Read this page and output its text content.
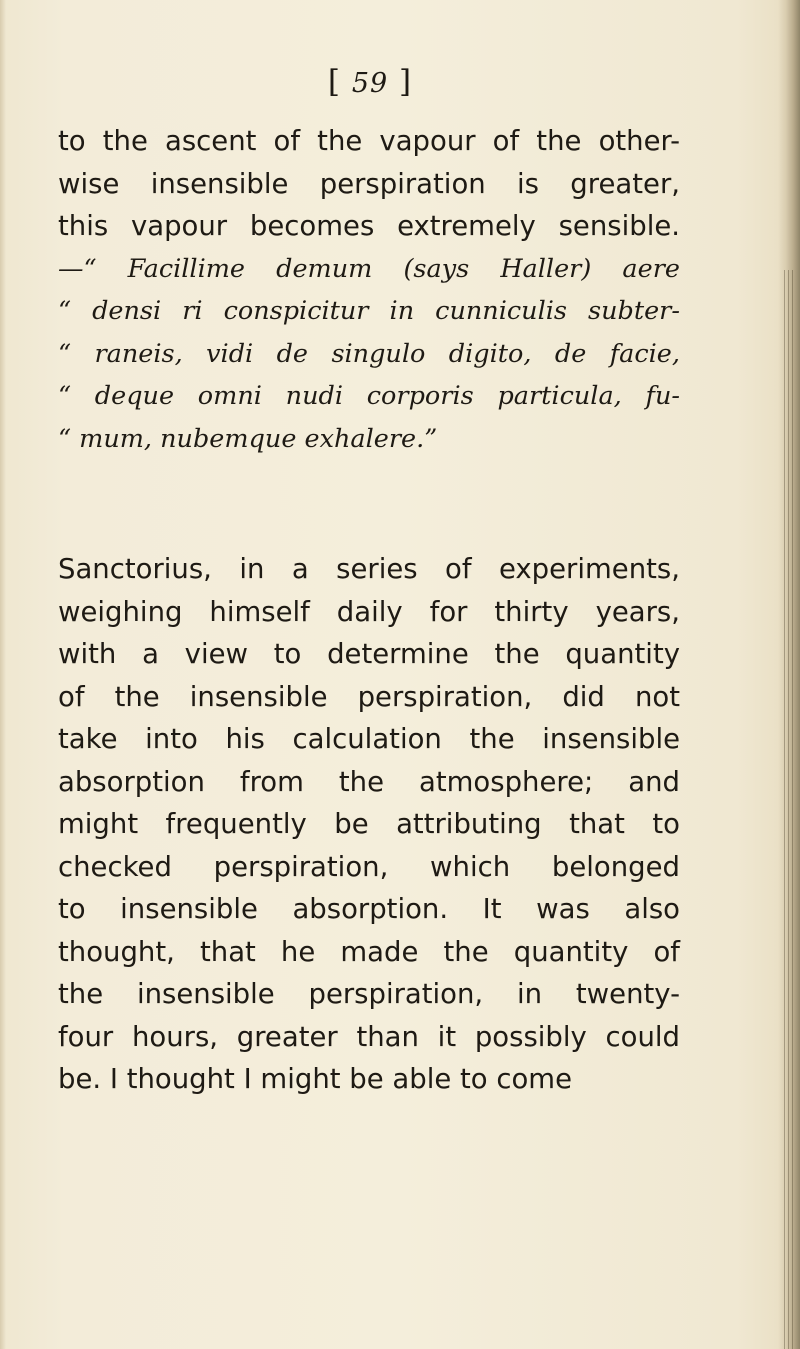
[ 59 ]
to the ascent of the vapour of the other-
wise insensible perspiration is greater,
this vapour becomes extremely sensible.
—“ Facillime demum (says Haller) aere
“ densi ri conspicitur in cunniculis subter-
“ raneis, vidi de singulo digito, de facie,
“ deque omni nudi corporis particula, fu-
“ mum, nubemque exhalere.”
Sanctorius, in a series of experiments,
weighing himself daily for thirty years,
with a view to determine the quantity
of the insensible perspiration, did not
take into his calculation the insensible
absorption from the atmosphere; and
might frequently be attributing that to
checked perspiration, which belonged
to insensible absorption. It was also
thought, that he made the quantity of
the insensible perspiration, in twenty-
four hours, greater than it possibly could
be. I thought I might be able to come
